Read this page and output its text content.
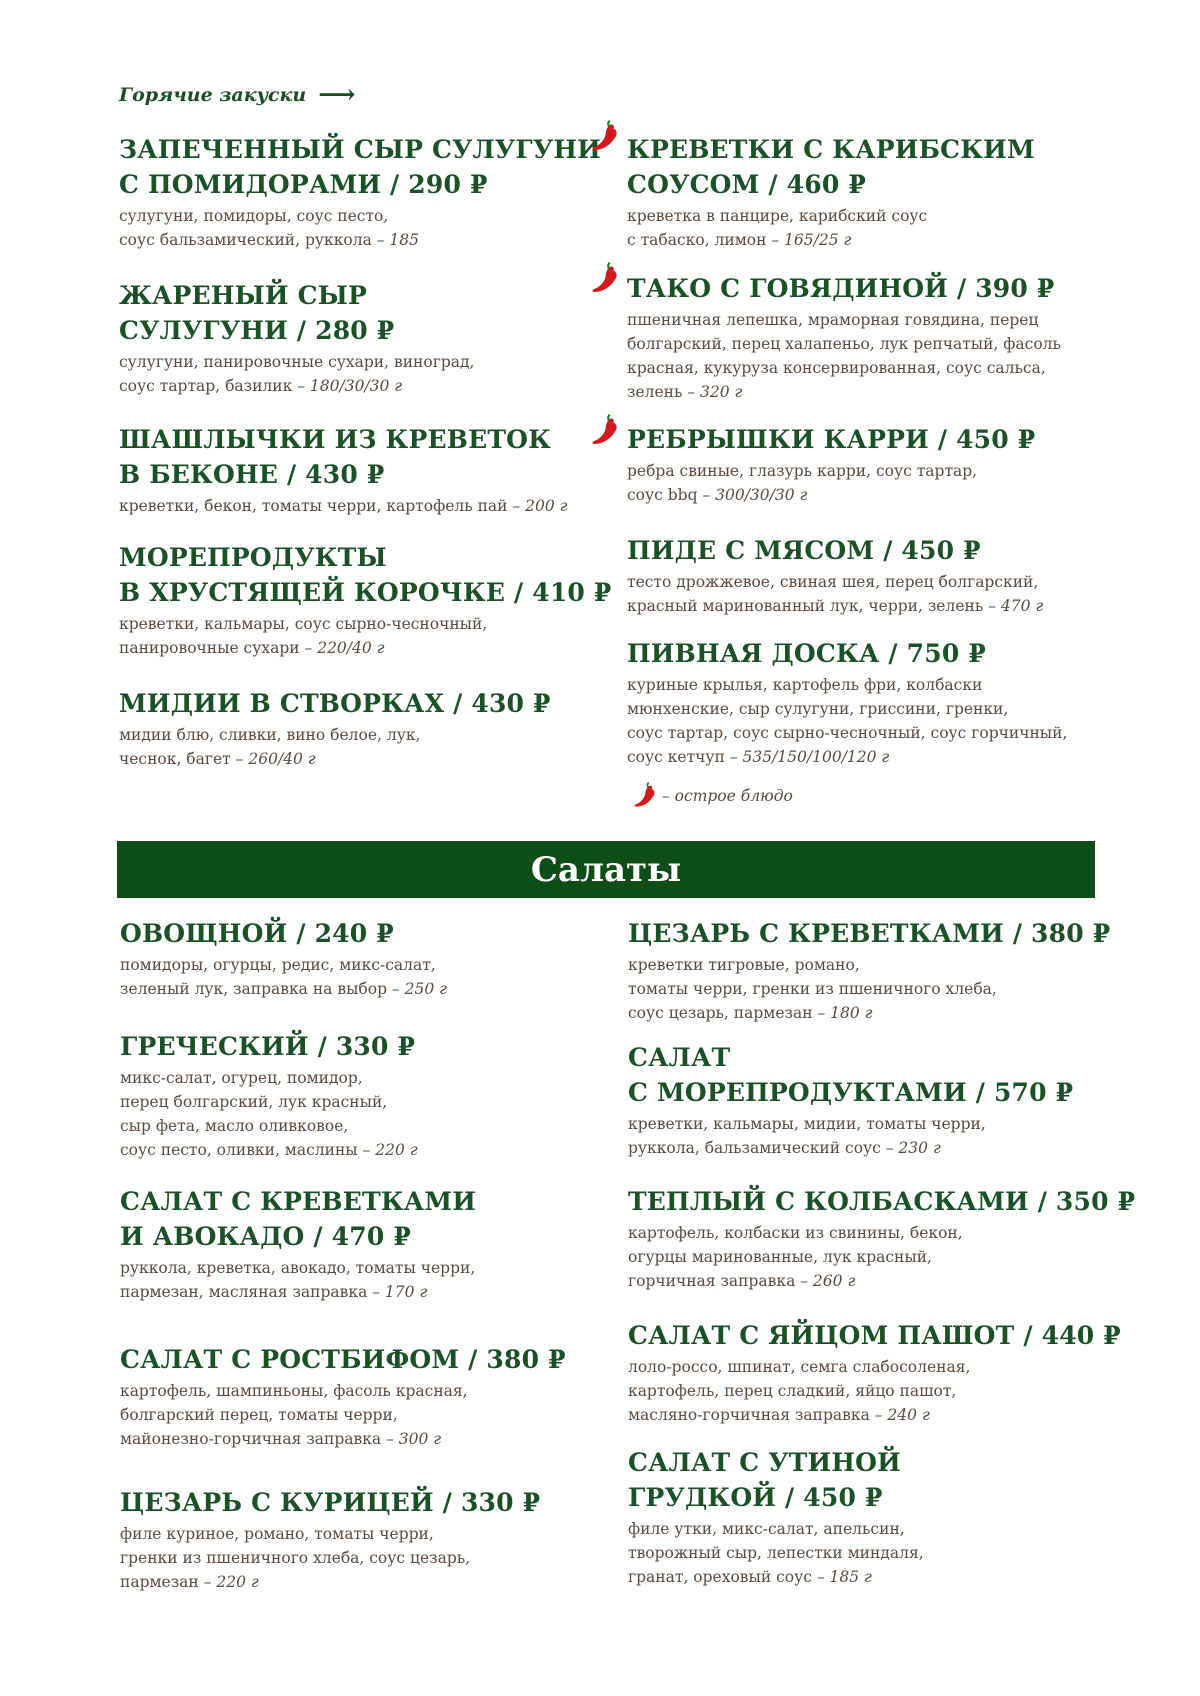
Горячие закуски ⟶
ЗАПЕЧЕННЫЙ СЫР СУЛУГУНИ
С ПОМИДОРАМИ / 290 ₽
сулугуни, помидоры, соус песто,
соус бальзамический, руккола – 185
ЖАРЕНЫЙ СЫР
СУЛУГУНИ / 280 ₽
сулугуни, панировочные сухари, виноград,
соус тартар, базилик – 180/30/30 г
ШАШЛЫЧКИ ИЗ КРЕВЕТОК
В БЕКОНЕ / 430 ₽
креветки, бекон, томаты черри, картофель пай – 200 г
МОРЕПРОДУКТЫ
В ХРУСТЯЩЕЙ КОРОЧКЕ / 410 ₽
креветки, кальмары, соус сырно-чесночный,
панировочные сухари – 220/40 г
МИДИИ В СТВОРКАХ / 430 ₽
мидии блю, сливки, вино белое, лук,
чеснок, багет – 260/40 г
КРЕВЕТКИ С КАРИБСКИМ
СОУСОМ / 460 ₽
креветка в панцире, карибский соус
с табаско, лимон – 165/25 г
ТАКО С ГОВЯДИНОЙ / 390 ₽
пшеничная лепешка, мраморная говядина, перец
болгарский, перец халапеньо, лук репчатый, фасоль
красная, кукуруза консервированная, соус сальса,
зелень – 320 г
РЕБРЫШКИ КАРРИ / 450 ₽
ребра свиные, глазурь карри, соус тартар,
соус bbq – 300/30/30 г
ПИДЕ С МЯСОМ / 450 ₽
тесто дрожжевое, свиная шея, перец болгарский,
красный маринованный лук, черри, зелень – 470 г
ПИВНАЯ ДОСКА / 750 ₽
куриные крылья, картофель фри, колбаски
мюнхенские, сыр сулугуни, гриссини, гренки,
соус тартар, соус сырно-чесночный, соус горчичный,
соус кетчуп – 535/150/100/120 г
– острое блюдо
Салаты
ОВОЩНОЙ / 240 ₽
помидоры, огурцы, редис, микс-салат,
зеленый лук, заправка на выбор – 250 г
ГРЕЧЕСКИЙ / 330 ₽
микс-салат, огурец, помидор,
перец болгарский, лук красный,
сыр фета, масло оливковое,
соус песто, оливки, маслины – 220 г
САЛАТ С КРЕВЕТКАМИ
И АВОКАДО / 470 ₽
руккола, креветка, авокадо, томаты черри,
пармезан, масляная заправка – 170 г
САЛАТ С РОСТБИФОМ / 380 ₽
картофель, шампиньоны, фасоль красная,
болгарский перец, томаты черри,
майонезно-горчичная заправка – 300 г
ЦЕЗАРЬ С КУРИЦЕЙ / 330 ₽
филе куриное, романо, томаты черри,
гренки из пшеничного хлеба, соус цезарь,
пармезан – 220 г
ЦЕЗАРЬ С КРЕВЕТКАМИ / 380 ₽
креветки тигровые, романо,
томаты черри, гренки из пшеничного хлеба,
соус цезарь, пармезан – 180 г
САЛАТ
С МОРЕПРОДУКТАМИ / 570 ₽
креветки, кальмары, мидии, томаты черри,
руккола, бальзамический соус – 230 г
ТЕПЛЫЙ С КОЛБАСКАМИ / 350 ₽
картофель, колбаски из свинины, бекон,
огурцы маринованные, лук красный,
горчичная заправка – 260 г
САЛАТ С ЯЙЦОМ ПАШОТ / 440 ₽
лоло-россо, шпинат, семга слабосоленая,
картофель, перец сладкий, яйцо пашот,
масляно-горчичная заправка – 240 г
САЛАТ С УТИНОЙ
ГРУДКОЙ / 450 ₽
филе утки, микс-салат, апельсин,
творожный сыр, лепестки миндаля,
гранат, ореховый соус – 185 г
